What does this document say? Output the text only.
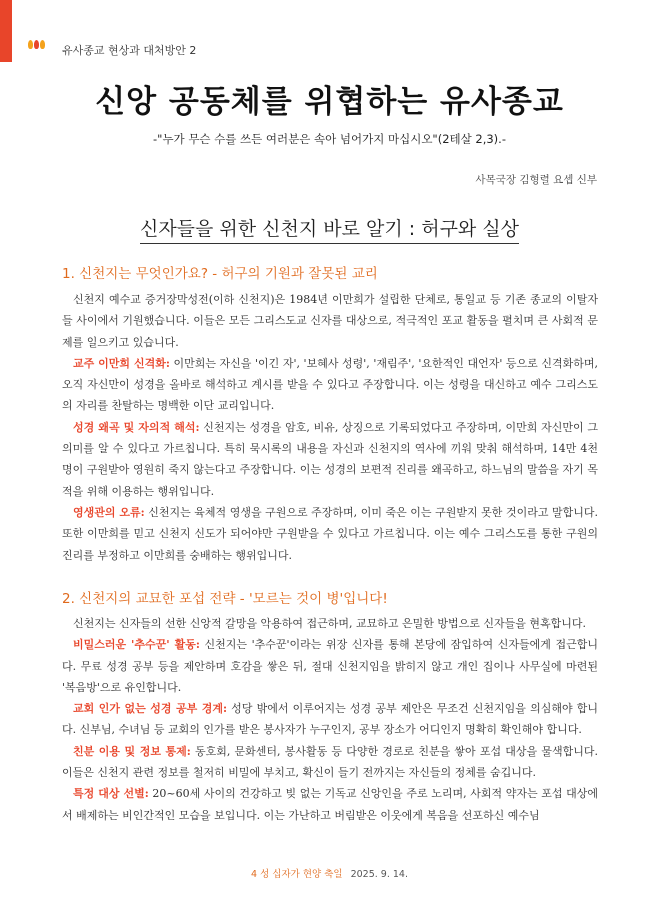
유사종교 현상과 대처방안 2
신앙 공동체를 위협하는 유사종교
-"누가 무슨 수를 쓰든 여러분은 속아 넘어가지 마십시오"(2테살 2,3).-
사목국장 김형렬 요셉 신부
신자들을 위한 신천지 바로 알기 : 허구와 실상
1. 신천지는 무엇인가요? - 허구의 기원과 잘못된 교리

신천지 예수교 증거장막성전(이하 신천지)은 1984년 이만희가 설립한 단체로, 통일교 등 기존 종교의 이탈자들 사이에서 기원했습니다. 이들은 모든 그리스도교 신자를 대상으로, 적극적인 포교 활동을 펼치며 큰 사회적 문제를 일으키고 있습니다.

교주 이만희 신격화: 이만희는 자신을 '이긴 자', '보혜사 성령', '재림주', '요한적인 대언자' 등으로 신격화하며, 오직 자신만이 성경을 올바로 해석하고 계시를 받을 수 있다고 주장합니다. 이는 성령을 대신하고 예수 그리스도의 자리를 찬탈하는 명백한 이단 교리입니다.

성경 왜곡 및 자의적 해석: 신천지는 성경을 암호, 비유, 상징으로 기록되었다고 주장하며, 이만희 자신만이 그 의미를 알 수 있다고 가르칩니다. 특히 묵시록의 내용을 자신과 신천지의 역사에 끼워 맞춰 해석하며, 14만 4천 명이 구원받아 영원히 죽지 않는다고 주장합니다. 이는 성경의 보편적 진리를 왜곡하고, 하느님의 말씀을 자기 목적을 위해 이용하는 행위입니다.

영생관의 오류: 신천지는 육체적 영생을 구원으로 주장하며, 이미 죽은 이는 구원받지 못한 것이라고 말합니다. 또한 이만희를 믿고 신천지 신도가 되어야만 구원받을 수 있다고 가르칩니다. 이는 예수 그리스도를 통한 구원의 진리를 부정하고 이만희를 숭배하는 행위입니다.

2. 신천지의 교묘한 포섭 전략 - '모르는 것이 병'입니다!

신천지는 신자들의 선한 신앙적 갈망을 악용하여 접근하며, 교묘하고 은밀한 방법으로 신자들을 현혹합니다.

비밀스러운 '추수꾼' 활동: 신천지는 '추수꾼'이라는 위장 신자를 통해 본당에 잠입하여 신자들에게 접근합니다. 무료 성경 공부 등을 제안하며 호감을 쌓은 뒤, 절대 신천지임을 밝히지 않고 개인 집이나 사무실에 마련된 '복음방'으로 유인합니다.

교회 인가 없는 성경 공부 경계: 성당 밖에서 이루어지는 성경 공부 제안은 무조건 신천지임을 의심해야 합니다. 신부님, 수녀님 등 교회의 인가를 받은 봉사자가 누구인지, 공부 장소가 어디인지 명확히 확인해야 합니다.

친분 이용 및 정보 통제: 동호회, 문화센터, 봉사활동 등 다양한 경로로 친분을 쌓아 포섭 대상을 물색합니다. 이들은 신천지 관련 정보를 철저히 비밀에 부치고, 확신이 들기 전까지는 자신들의 정체를 숨깁니다.

특정 대상 선별: 20~60세 사이의 건강하고 빚 없는 기독교 신앙인을 주로 노리며, 사회적 약자는 포섭 대상에서 배제하는 비인간적인 모습을 보입니다. 이는 가난하고 버림받은 이웃에게 복음을 선포하신 예수님

4 성 십자가 현양 축일 2025. 9. 14.
